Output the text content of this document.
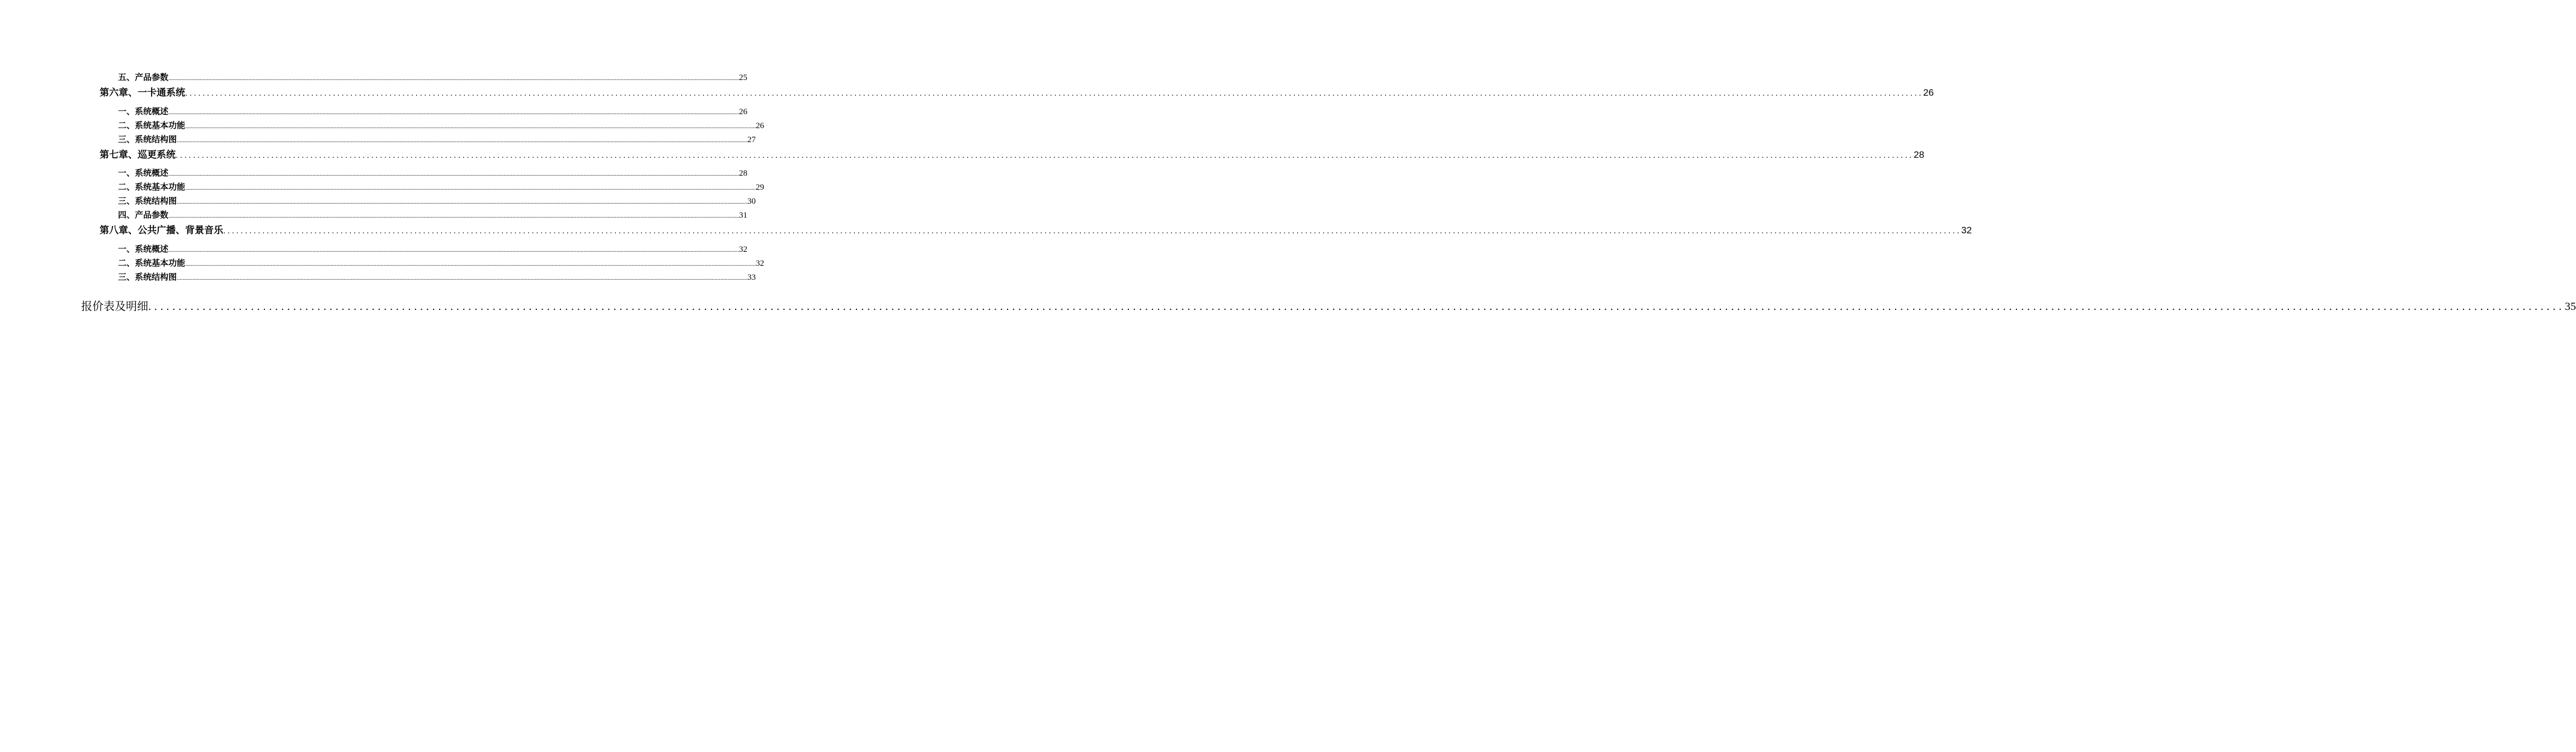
五、产品参数 ................................................................................................................................................................................................................................................................................................................................................................................................................ 25
第六章、一卡通系统 ................................................................................................................................................................................................................................................................................................................................................................................................................ 26
一、系统概述 ................................................................................................................................................................................................................................................................................................................................................................................................................ 26
二、系统基本功能 ................................................................................................................................................................................................................................................................................................................................................................................................................ 26
三、系统结构图 ................................................................................................................................................................................................................................................................................................................................................................................................................ 27
第七章、巡更系统 ................................................................................................................................................................................................................................................................................................................................................................................................................ 28
一、系统概述 ................................................................................................................................................................................................................................................................................................................................................................................................................ 28
二、系统基本功能 ................................................................................................................................................................................................................................................................................................................................................................................................................ 29
三、系统结构图 ................................................................................................................................................................................................................................................................................................................................................................................................................ 30
四、产品参数 ................................................................................................................................................................................................................................................................................................................................................................................................................ 31
第八章、公共广播、背景音乐 ................................................................................................................................................................................................................................................................................................................................................................................................................ 32
一、系统概述 ................................................................................................................................................................................................................................................................................................................................................................................................................ 32
二、系统基本功能 ................................................................................................................................................................................................................................................................................................................................................................................................................ 32
三、系统结构图 ................................................................................................................................................................................................................................................................................................................................................................................................................ 33
报价表及明细 ................................................................................................................................................................................................................................................................................................................................................................................................................ 35
